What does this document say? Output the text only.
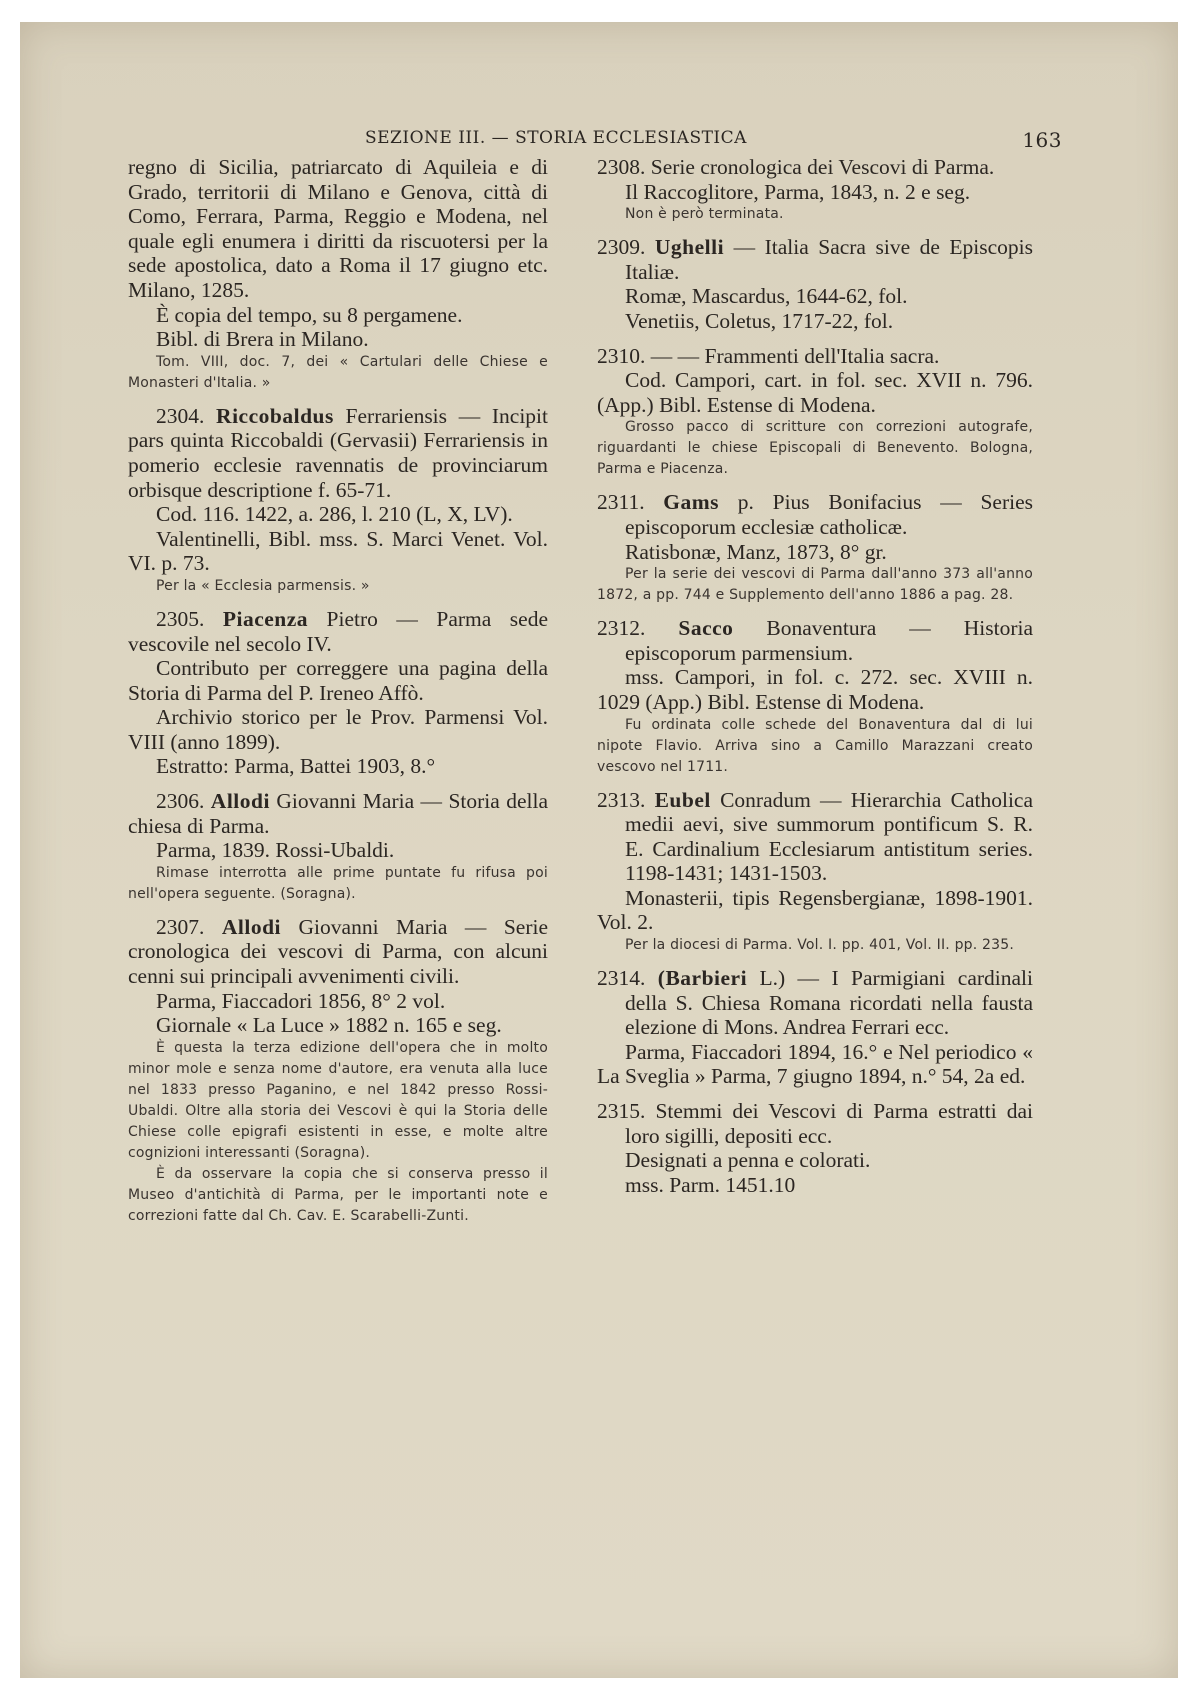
SEZIONE III. — STORIA ECCLESIASTICA	163

regno di Sicilia, patriarcato di Aquileia e di Grado, territorii di Milano e Genova, città di Como, Ferrara, Parma, Reggio e Modena, nel quale egli enumera i diritti da riscuotersi per la sede apostolica, dato a Roma il 17 giugno etc. Milano, 1285.

È copia del tempo, su 8 pergamene.

Bibl. di Brera in Milano.

Tom. VIII, doc. 7, dei « Cartulari delle Chiese e Monasteri d'Italia. »

2304. Riccobaldus Ferrariensis — Incipit pars quinta Riccobaldi (Gervasii) Ferrariensis in pomerio ecclesie ravennatis de provinciarum orbisque descriptione f. 65-71.

Cod. 116. 1422, a. 286, l. 210 (L, X, LV).

Valentinelli, Bibl. mss. S. Marci Venet. Vol. VI. p. 73.

Per la « Ecclesia parmensis. »

2305. Piacenza Pietro — Parma sede vescovile nel secolo IV.

Contributo per correggere una pagina della Storia di Parma del P. Ireneo Affò.

Archivio storico per le Prov. Parmensi Vol. VIII (anno 1899).

Estratto: Parma, Battei 1903, 8.°

2306. Allodi Giovanni Maria — Storia della chiesa di Parma.

Parma, 1839. Rossi-Ubaldi.

Rimase interrotta alle prime puntate fu rifusa poi nell'opera seguente. (Soragna).

2307. Allodi Giovanni Maria — Serie cronologica dei vescovi di Parma, con alcuni cenni sui principali avvenimenti civili.

Parma, Fiaccadori 1856, 8° 2 vol.

Giornale « La Luce » 1882 n. 165 e seg.

È questa la terza edizione dell'opera che in molto minor mole e senza nome d'autore, era venuta alla luce nel 1833 presso Paganino, e nel 1842 presso Rossi-Ubaldi. Oltre alla storia dei Vescovi è qui la Storia delle Chiese colle epigrafi esistenti in esse, e molte altre cognizioni interessanti (Soragna).

È da osservare la copia che si conserva presso il Museo d'antichità di Parma, per le importanti note e correzioni fatte dal Ch. Cav. E. Scarabelli-Zunti.

2308. Serie cronologica dei Vescovi di Parma.

Il Raccoglitore, Parma, 1843, n. 2 e seg.

Non è però terminata.

2309. Ughelli — Italia Sacra sive de Episcopis Italiæ.

Romæ, Mascardus, 1644-62, fol.

Venetiis, Coletus, 1717-22, fol.

2310. — — Frammenti dell'Italia sacra.

Cod. Campori, cart. in fol. sec. XVII n. 796. (App.) Bibl. Estense di Modena.

Grosso pacco di scritture con correzioni autografe, riguardanti le chiese Episcopali di Benevento. Bologna, Parma e Piacenza.

2311. Gams p. Pius Bonifacius — Series episcoporum ecclesiæ catholicæ.

Ratisbonæ, Manz, 1873, 8° gr.

Per la serie dei vescovi di Parma dall'anno 373 all'anno 1872, a pp. 744 e Supplemento dell'anno 1886 a pag. 28.

2312. Sacco Bonaventura — Historia episcoporum parmensium.

mss. Campori, in fol. c. 272. sec. XVIII n. 1029 (App.) Bibl. Estense di Modena.

Fu ordinata colle schede del Bonaventura dal di lui nipote Flavio. Arriva sino a Camillo Marazzani creato vescovo nel 1711.

2313. Eubel Conradum — Hierarchia Catholica medii aevi, sive summorum pontificum S. R. E. Cardinalium Ecclesiarum antistitum series. 1198-1431; 1431-1503.

Monasterii, tipis Regensbergianæ, 1898-1901. Vol. 2.

Per la diocesi di Parma. Vol. I. pp. 401, Vol. II. pp. 235.

2314. (Barbieri L.) — I Parmigiani cardinali della S. Chiesa Romana ricordati nella fausta elezione di Mons. Andrea Ferrari ecc.

Parma, Fiaccadori 1894, 16.° e Nel periodico « La Sveglia » Parma, 7 giugno 1894, n.° 54, 2a ed.

2315. Stemmi dei Vescovi di Parma estratti dai loro sigilli, depositi ecc.

Designati a penna e colorati.

mss. Parm. 1451.10
